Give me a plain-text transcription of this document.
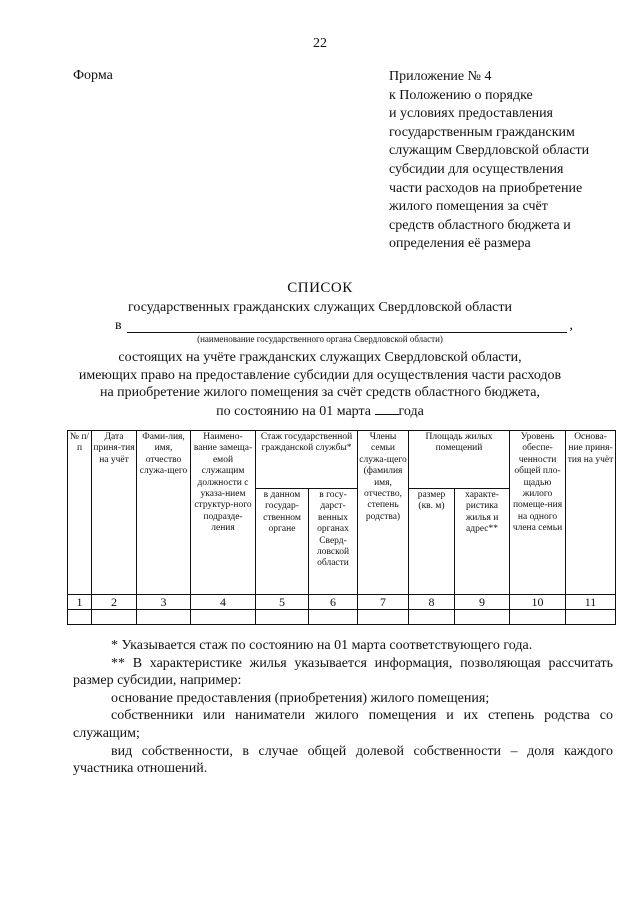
22
Форма	Приложение № 4
к Положению о порядке
и условиях предоставления
государственным гражданским
служащим Свердловской области
субсидии для осуществления
части расходов на приобретение
жилого помещения за счёт
средств областного бюджета и
определения её размера
СПИСОК
государственных гражданских служащих Свердловской области
в	,
(наименование государственного органа Свердловской области)
состоящих на учёте гражданских служащих Свердловской области,
имеющих право на предоставление субсидии для осуществления части расходов
на приобретение жилого помещения за счёт средств областного бюджета,
по состоянию на 01 марта года
№ п/п	Дата приня-тия на учёт	Фами-лия, имя, отчество служа-щего	Наимено-вание замеща-емой служащим должности с указа-нием структур-ного подразде-ления	Стаж государственной гражданской службы*		Члены семьи служа-щего (фамилия имя, отчество, степень родства)	Площадь жилых помещений		Уровень обеспе-ченности общей пло-щадью жилого помеще-ния на одного члена семьи	Основа-ние приня-тия на учёт
				в данном государ-ственном органе	в госу-дарст-венных органах Сверд-ловской области		размер (кв. м)	характе-ристика жилья и адрес**		
1	2	3	4	5	6	7	8	9	10	11

* Указывается стаж по состоянию на 01 марта соответствующего года.

** В характеристике жилья указывается информация, позволяющая рассчитать размер субсидии, например:

основание предоставления (приобретения) жилого помещения;

собственники или наниматели жилого помещения и их степень родства со служащим;

вид собственности, в случае общей долевой собственности – доля каждого участника отношений.
